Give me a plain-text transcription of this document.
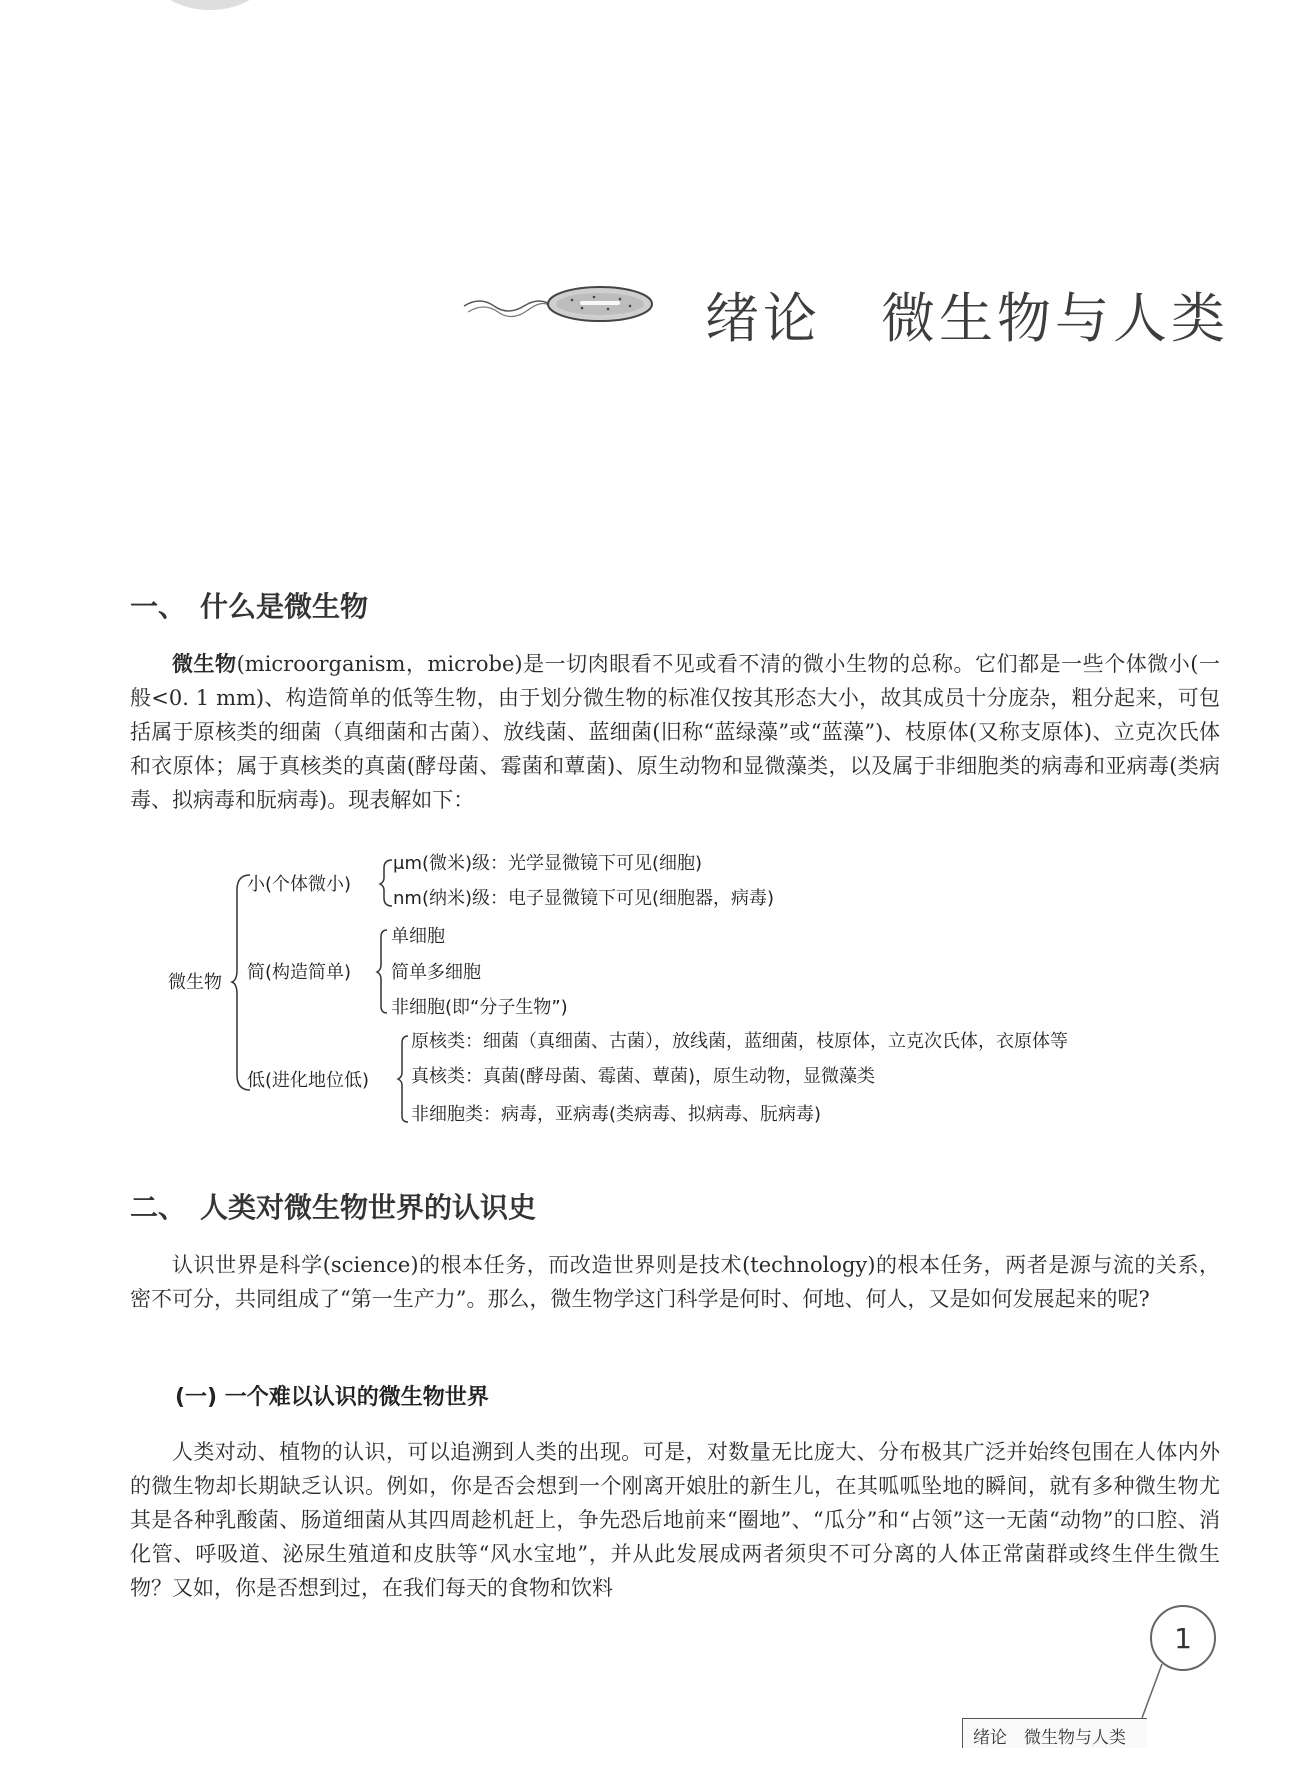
绪论 微生物与人类
一、 什么是微生物

微生物(microorganism，microbe)是一切肉眼看不见或看不清的微小生物的总称。它们都是一些个体微小(一般<0. 1 mm)、构造简单的低等生物，由于划分微生物的标准仅按其形态大小，故其成员十分庞杂，粗分起来，可包括属于原核类的细菌（真细菌和古菌）、放线菌、蓝细菌(旧称“蓝绿藻”或“蓝藻”)、枝原体(又称支原体)、立克次氏体和衣原体；属于真核类的真菌(酵母菌、霉菌和蕈菌)、原生动物和显微藻类，以及属于非细胞类的病毒和亚病毒(类病毒、拟病毒和朊病毒)。现表解如下：

微生物
小(个体微小)
μm(微米)级：光学显微镜下可见(细胞)
nm(纳米)级：电子显微镜下可见(细胞器，病毒)
简(构造简单)
单细胞
简单多细胞
非细胞(即“分子生物”)
低(进化地位低)
原核类：细菌（真细菌、古菌），放线菌，蓝细菌，枝原体，立克次氏体，衣原体等
真核类：真菌(酵母菌、霉菌、蕈菌)，原生动物，显微藻类
非细胞类：病毒，亚病毒(类病毒、拟病毒、朊病毒)
二、 人类对微生物世界的认识史

认识世界是科学(science)的根本任务，而改造世界则是技术(technology)的根本任务，两者是源与流的关系，密不可分，共同组成了“第一生产力”。那么，微生物学这门科学是何时、何地、何人，又是如何发展起来的呢?

(一) 一个难以认识的微生物世界

人类对动、植物的认识，可以追溯到人类的出现。可是，对数量无比庞大、分布极其广泛并始终包围在人体内外的微生物却长期缺乏认识。例如，你是否会想到一个刚离开娘肚的新生儿，在其呱呱坠地的瞬间，就有多种微生物尤其是各种乳酸菌、肠道细菌从其四周趁机赶上，争先恐后地前来“圈地”、“瓜分”和“占领”这一无菌“动物”的口腔、消化管、呼吸道、泌尿生殖道和皮肤等“风水宝地”，并从此发展成两者须臾不可分离的人体正常菌群或终生伴生微生物？又如，你是否想到过，在我们每天的食物和饮料

1
绪论　微生物与人类
